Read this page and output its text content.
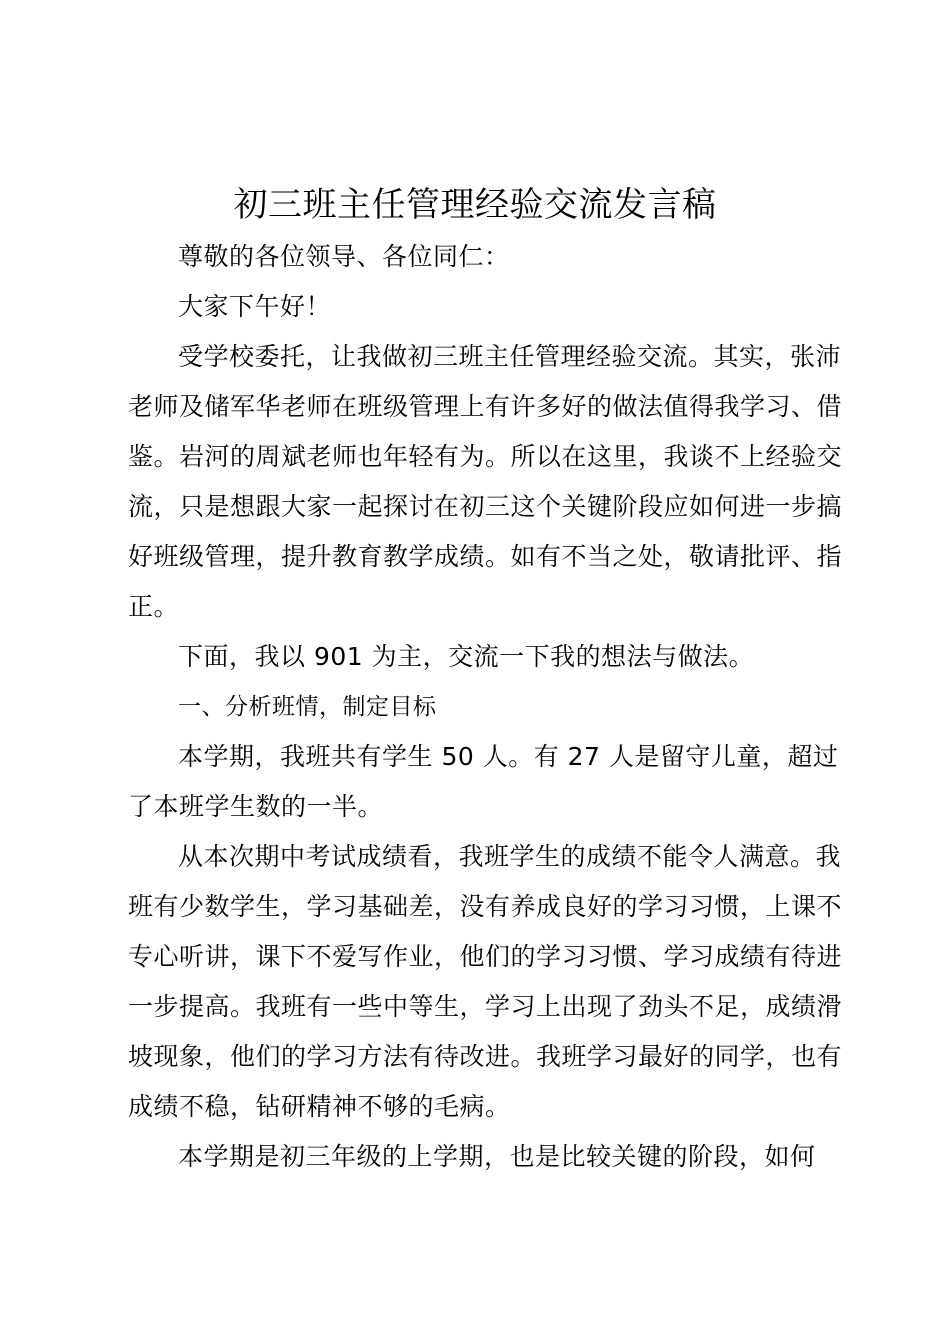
初三班主任管理经验交流发言稿

尊敬的各位领导、各位同仁：

大家下午好！

受学校委托，让我做初三班主任管理经验交流。其实，张沛老师及储军华老师在班级管理上有许多好的做法值得我学习、借鉴。岩河的周斌老师也年轻有为。所以在这里，我谈不上经验交流，只是想跟大家一起探讨在初三这个关键阶段应如何进一步搞好班级管理，提升教育教学成绩。如有不当之处，敬请批评、指正。

下面，我以 901 为主，交流一下我的想法与做法。

一、分析班情，制定目标

本学期，我班共有学生 50 人。有 27 人是留守儿童，超过了本班学生数的一半。

从本次期中考试成绩看，我班学生的成绩不能令人满意。我班有少数学生，学习基础差，没有养成良好的学习习惯，上课不专心听讲，课下不爱写作业，他们的学习习惯、学习成绩有待进一步提高。我班有一些中等生，学习上出现了劲头不足，成绩滑坡现象，他们的学习方法有待改进。我班学习最好的同学，也有成绩不稳，钻研精神不够的毛病。

本学期是初三年级的上学期，也是比较关键的阶段，如何
